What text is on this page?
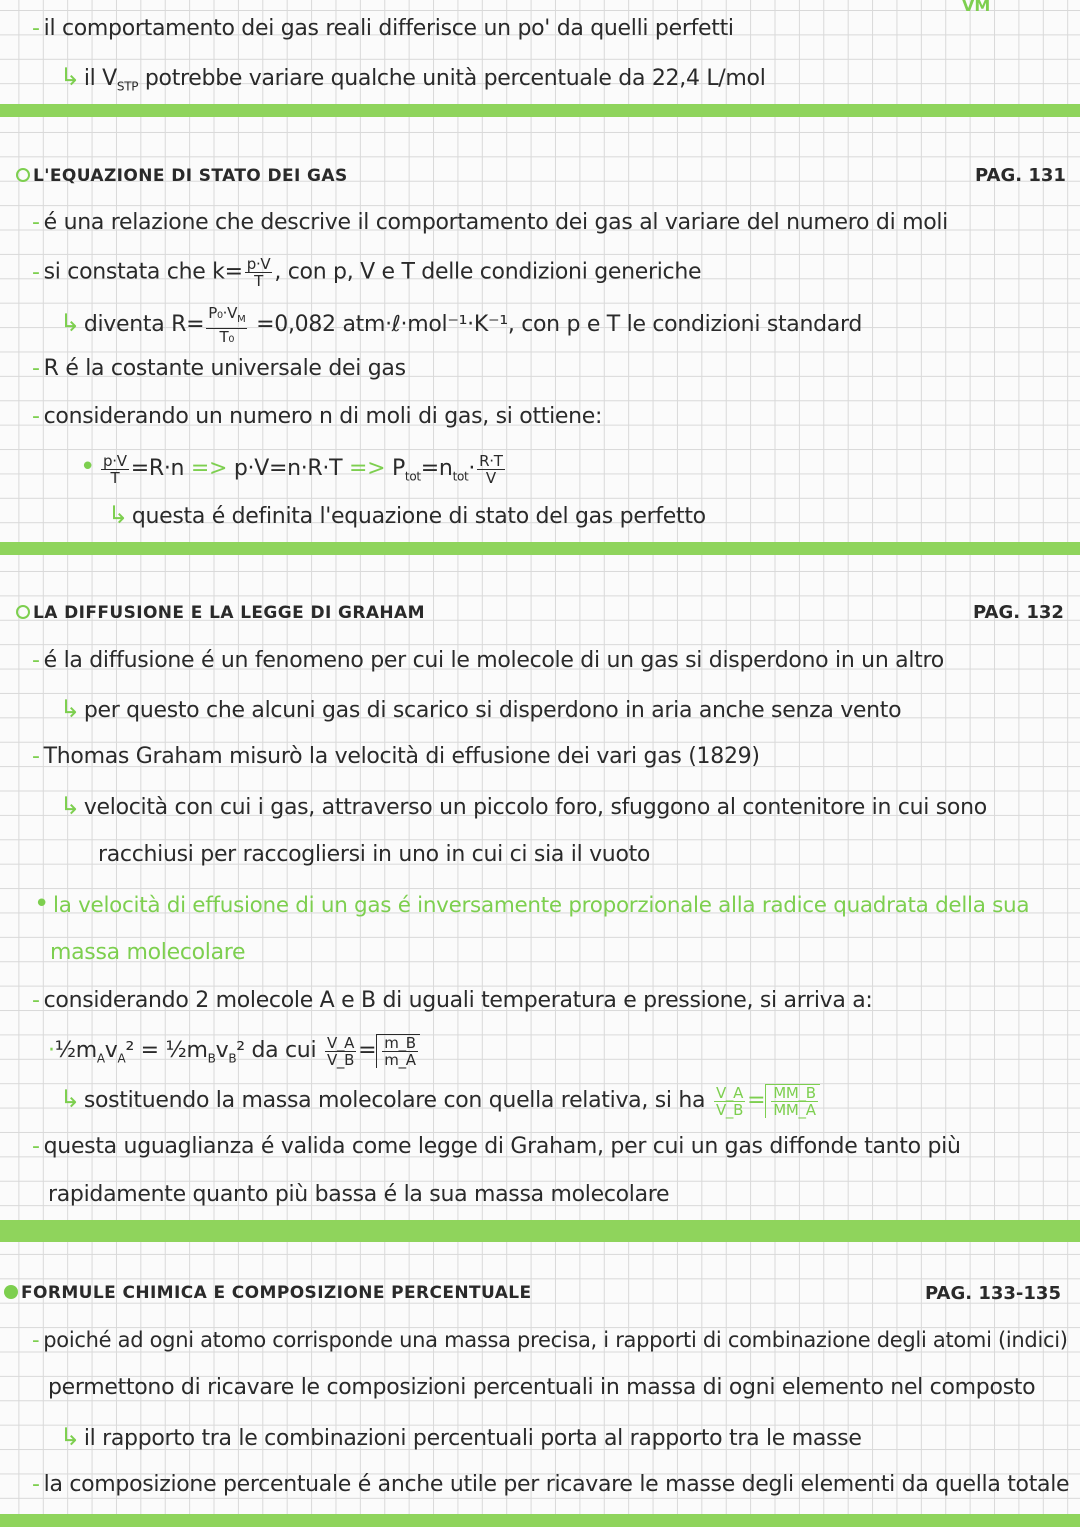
VM
- il comportamento dei gas reali differisce un po' da quelli perfetti
↳ il $V_{STP}$ potrebbe variare qualche unità percentuale da 22,4 L/mol
L'EQUAZIONE DI STATO DEI GAS	PAG. 131
- é una relazione che descrive il comportamento dei gas al variare del numero di moli
- si constata che $k= \frac{p\cdot V}{T}$ , con p, V e T delle condizioni generiche
↳ diventa $R= \frac{P_0\cdot V_M}{\text{T₀}} =0,082$ atm·ℓ·mol⁻¹·K⁻¹, con p e T le condizioni standard
- R é la costante universale dei gas
- considerando un numero n di moli di gas, si ottiene:
• $\frac{p\cdot V}{T} =R\cdot n => p\cdot V=n\cdot R\cdot T => P_{tot}=n_{tot}\cdot \frac{R\cdot T}{V}$
↳ questa é definita l'equazione di stato del gas perfetto
LA DIFFUSIONE E LA LEGGE DI GRAHAM	PAG. 132
- é la diffusione é un fenomeno per cui le molecole di un gas si disperdono in un altro
↳ per questo che alcuni gas di scarico si disperdono in aria anche senza vento
- Thomas Graham misurò la velocità di effusione dei vari gas (1829)
↳ velocità con cui i gas, attraverso un piccolo foro, sfuggono al contenitore in cui sono
racchiusi per raccogliersi in uno in cui ci sia il vuoto
• la velocità di effusione di un gas é inversamente proporzionale alla radice quadrata della sua
massa molecolare
- considerando 2 molecole A e B di uguali temperatura e pressione, si arriva a:
$\cdot\frac{1}{2}m_Av_A^2$ = $\frac{1}{2}m_Bv_B^2$ da cui $\frac{V\_A}{V\_B} = \frac{m\_B}{m\_A}$
↳ sostituendo la massa molecolare con quella relativa, si ha $\frac{V\_A}{V\_B} = \frac{MM\_B}{MM\_A}$
- questa uguaglianza é valida come legge di Graham, per cui un gas diffonde tanto più
rapidamente quanto più bassa é la sua massa molecolare
FORMULE CHIMICA E COMPOSIZIONE PERCENTUALE	PAG. 133-135
- poiché ad ogni atomo corrisponde una massa precisa, i rapporti di combinazione degli atomi (indici)
permettono di ricavare le composizioni percentuali in massa di ogni elemento nel composto
↳ il rapporto tra le combinazioni percentuali porta al rapporto tra le masse
- la composizione percentuale é anche utile per ricavare le masse degli elementi da quella totale
